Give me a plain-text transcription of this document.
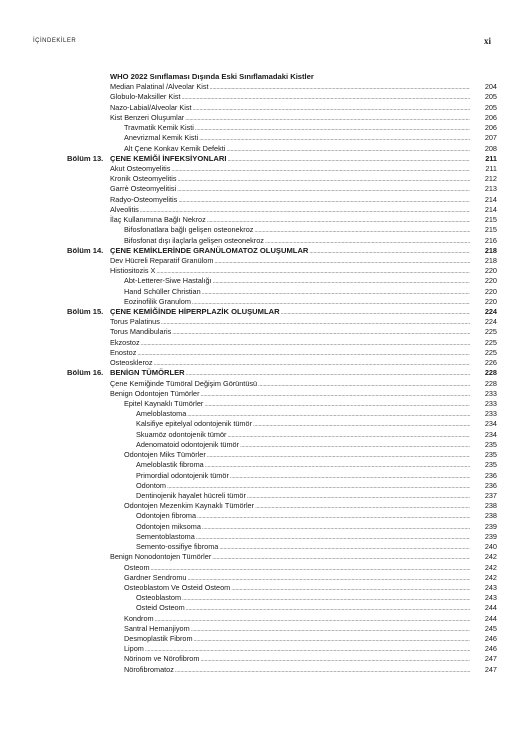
İÇİNDEKİLER	xi
WHO 2022 Sınıflaması Dışında Eski Sınıflamadaki Kistler
Median Palatinal /Alveolar Kist .....	204
Globulo-Maksiller Kist .....	205
Nazo-Labial/Alveolar Kist .....	205
Kist Benzeri Oluşumlar .....	206
Travmatik Kemik Kisti .....	206
Anevrizmal Kemik Kisti .....	207
Alt Çene Konkav Kemik Defekti .....	208
Bölüm 13. ÇENE KEMİĞİ İNFEKSİYONLARI .....	211
Akut Osteomyelitis .....	211
Kronik Osteomyelitis .....	212
Garrè Osteomyelitisi .....	213
Radyo-Osteomyelitis .....	214
Alveolitis .....	214
İlaç Kullanımına Bağlı Nekroz .....	215
Bifosfonatlara bağlı gelişen osteonekroz .....	215
Bifosfonat dışı ilaçlarla gelişen osteonekroz .....	216
Bölüm 14. ÇENE KEMİKLERİNDE GRANÜLOMATOZ OLUŞUMLAR .....	218
Dev Hücreli Reparatif Granülom .....	218
Histiositozis X .....	220
Abt-Letterer-Siwe Hastalığı .....	220
Hand Schüller Christian .....	220
Eozinofilik Granulom .....	220
Bölüm 15. ÇENE KEMİĞİNDE HİPERPLAZİK OLUŞUMLAR .....	224
Torus Palatinus .....	224
Torus Mandibularis .....	225
Ekzostoz .....	225
Enostoz .....	225
Osteoskleroz .....	226
Bölüm 16. BENİGN TÜMÖRLER .....	228
Çene Kemiğinde Tümöral Değişim Görüntüsü .....	228
Benign Odontojen Tümörler .....	233
Epitel Kaynaklı Tümörler .....	233
Ameloblastoma .....	233
Kalsifiye epitelyal odontojenik tümör .....	234
Skuamöz odontojenik tümör .....	234
Adenomatoid odontojenik tümör .....	235
Odontojen Miks Tümörler .....	235
Ameloblastik fibroma .....	235
Primordial odontojenik tümör .....	236
Odontom .....	236
Dentinojenik hayalet hücreli tümör .....	237
Odontojen Mezenkim Kaynaklı Tümörler .....	238
Odontojen fibroma .....	238
Odontojen miksoma .....	239
Sementoblastoma .....	239
Semento-ossifiye fibroma .....	240
Benign Nonodontojen Tümörler .....	242
Osteom .....	242
Gardner Sendromu .....	242
Osteoblastom Ve Osteid Osteom .....	243
Osteoblastom .....	243
Osteid Osteom .....	244
Kondrom .....	244
Santral Hemanjiyom .....	245
Desmoplastik Fibrom .....	246
Lipom .....	246
Nörinom ve Nörofibrom .....	247
Nörofibromatoz .....	247
